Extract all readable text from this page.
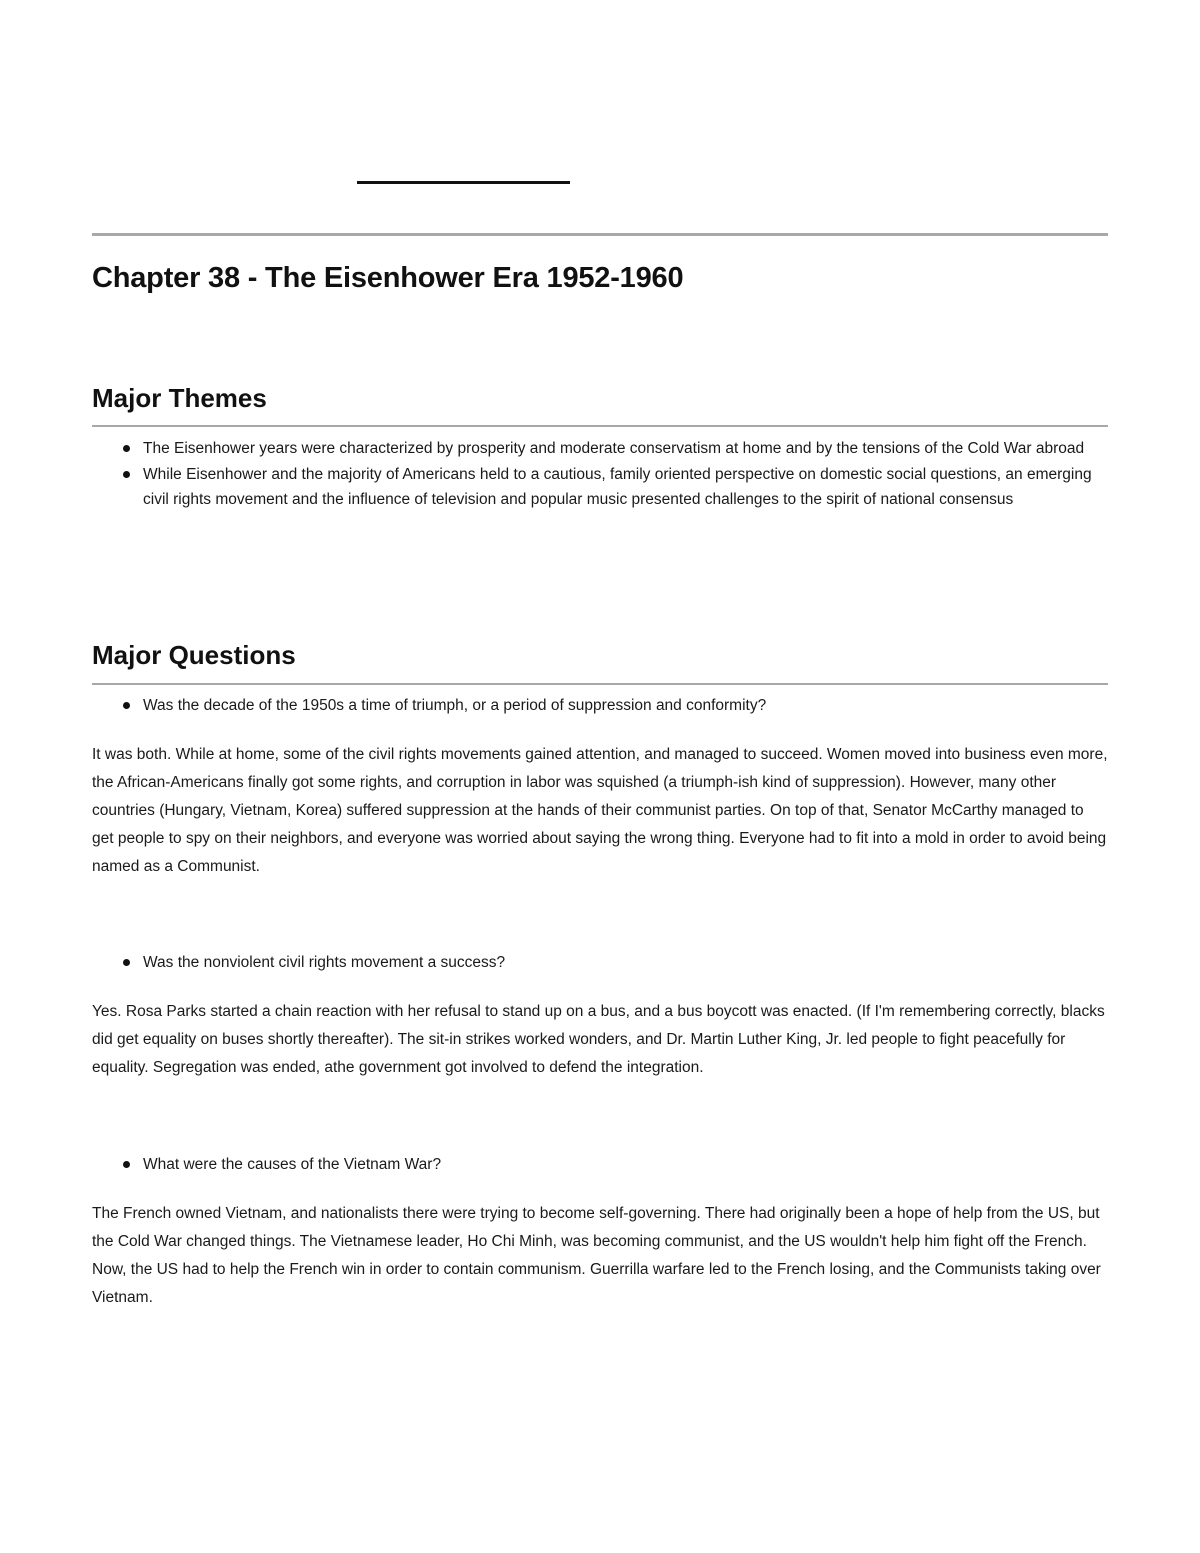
Chapter 38 - The Eisenhower Era 1952-1960
Major Themes
The Eisenhower years were characterized by prosperity and moderate conservatism at home and by the tensions of the Cold War abroad
While Eisenhower and the majority of Americans held to a cautious, family oriented perspective on domestic social questions, an emerging civil rights movement and the influence of television and popular music presented challenges to the spirit of national consensus
Major Questions
Was the decade of the 1950s a time of triumph, or a period of suppression and conformity?

It was both. While at home, some of the civil rights movements gained attention, and managed to succeed. Women moved into business even more, the African-Americans finally got some rights, and corruption in labor was squished (a triumph-ish kind of suppression). However, many other countries (Hungary, Vietnam, Korea) suffered suppression at the hands of their communist parties. On top of that, Senator McCarthy managed to get people to spy on their neighbors, and everyone was worried about saying the wrong thing. Everyone had to fit into a mold in order to avoid being named as a Communist.

Was the nonviolent civil rights movement a success?

Yes. Rosa Parks started a chain reaction with her refusal to stand up on a bus, and a bus boycott was enacted. (If I'm remembering correctly, blacks did get equality on buses shortly thereafter). The sit-in strikes worked wonders, and Dr. Martin Luther King, Jr. led people to fight peacefully for equality. Segregation was ended, athe government got involved to defend the integration.

What were the causes of the Vietnam War?

The French owned Vietnam, and nationalists there were trying to become self-governing. There had originally been a hope of help from the US, but the Cold War changed things. The Vietnamese leader, Ho Chi Minh, was becoming communist, and the US wouldn't help him fight off the French. Now, the US had to help the French win in order to contain communism. Guerrilla warfare led to the French losing, and the Communists taking over Vietnam.
